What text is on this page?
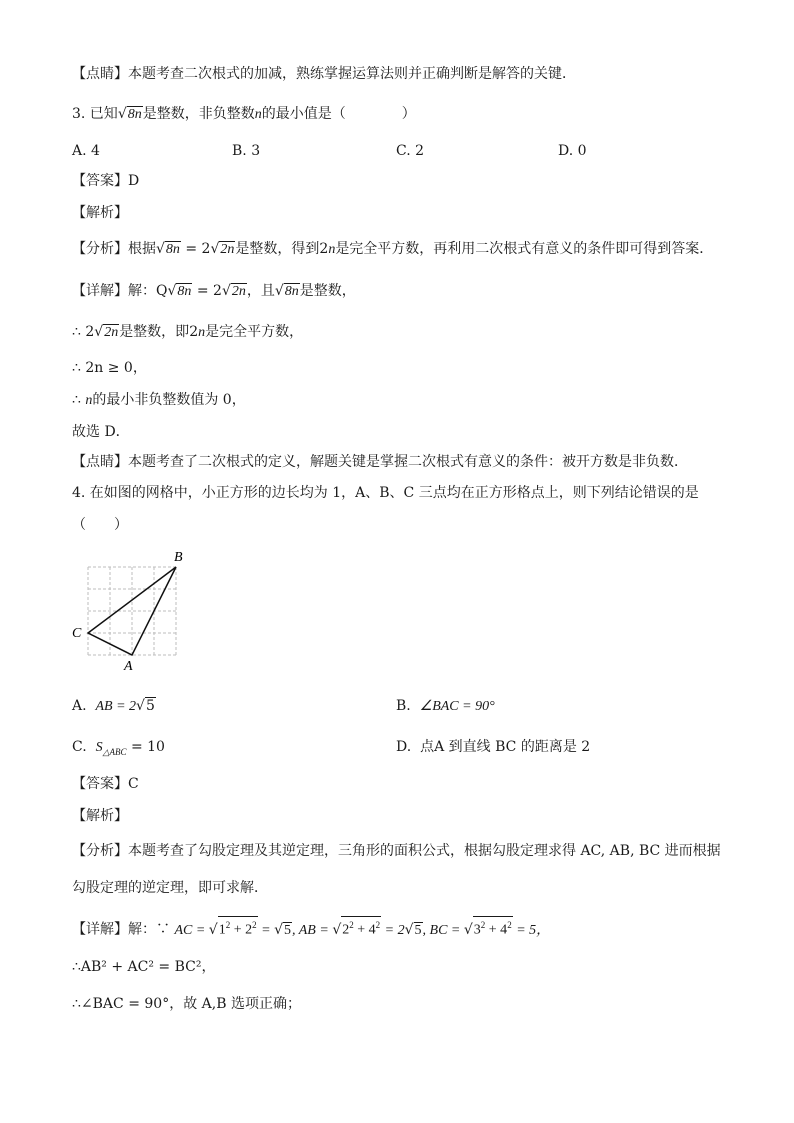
【点睛】本题考查二次根式的加减，熟练掌握运算法则并正确判断是解答的关键．
3. 已知√8n是整数，非负整数n的最小值是（　　　　）
A. 4	B. 3	C. 2	D. 0
【答案】D
【解析】
【分析】根据√8n = 2√2n是整数，得到2n是完全平方数，再利用二次根式有意义的条件即可得到答案．
【详解】解：Q√8n = 2√2n，且√8n是整数，
∴ 2√2n是整数，即2n是完全平方数，
∴ 2n ≥ 0，
∴ n的最小非负整数值为 0，
故选 D．
【点睛】本题考查了二次根式的定义，解题关键是掌握二次根式有意义的条件：被开方数是非负数．
4. 在如图的网格中，小正方形的边长均为 1，A、B、C 三点均在正方形格点上，则下列结论错误的是
（　　）
B
C
A
A. AB = 2√5	B. ∠BAC = 90°
C. $S_{\triangle ABC} = 10$	D. 点A 到直线 BC 的距离是 2
【答案】C
【解析】
【分析】本题考查了勾股定理及其逆定理，三角形的面积公式，根据勾股定理求得 AC, AB, BC 进而根据
勾股定理的逆定理，即可求解．
【详解】解：∵ AC = $√1^2 + 2^2 = √5$, AB = $√2^2 + 4^2 = 2√5$, BC = $√3^2 + 4^2 = 5$，
∴AB² + AC² = BC²，
∴∠BAC = 90°，故 A,B 选项正确；
